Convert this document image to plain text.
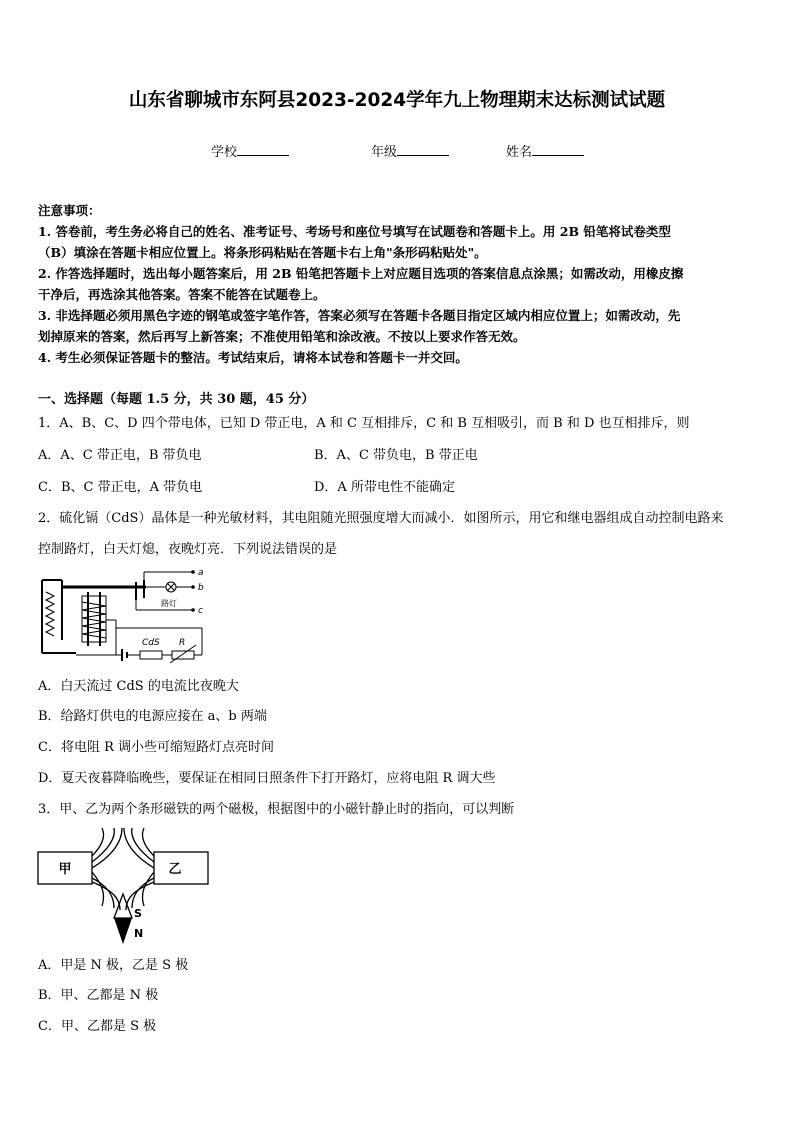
山东省聊城市东阿县2023-2024学年九上物理期末达标测试试题
学校	年级	姓名
注意事项：
1. 答卷前，考生务必将自己的姓名、准考证号、考场号和座位号填写在试题卷和答题卡上。用 2B 铅笔将试卷类型
（B）填涂在答题卡相应位置上。将条形码粘贴在答题卡右上角"条形码粘贴处"。
2. 作答选择题时，选出每小题答案后，用 2B 铅笔把答题卡上对应题目选项的答案信息点涂黑；如需改动，用橡皮擦
干净后，再选涂其他答案。答案不能答在试题卷上。
3. 非选择题必须用黑色字迹的钢笔或签字笔作答，答案必须写在答题卡各题目指定区域内相应位置上；如需改动，先
划掉原来的答案，然后再写上新答案；不准使用铅笔和涂改液。不按以上要求作答无效。
4. 考生必须保证答题卡的整洁。考试结束后，请将本试卷和答题卡一并交回。
一、选择题（每题 1.5 分，共 30 题，45 分）
1．A、B、C、D 四个带电体，已知 D 带正电，A 和 C 互相排斥，C 和 B 互相吸引，而 B 和 D 也互相排斥，则
A．A、C 带正电，B 带负电	B．A、C 带负电，B 带正电
C．B、C 带正电，A 带负电	D．A 所带电性不能确定
2．硫化镉（CdS）晶体是一种光敏材料，其电阻随光照强度增大而减小．如图所示，用它和继电器组成自动控制电路来
控制路灯，白天灯熄，夜晚灯亮．下列说法错误的是
a
b
c
路灯
CdS R
A．白天流过 CdS 的电流比夜晚大
B．给路灯供电的电源应接在 a、b 两端
C．将电阻 R 调小些可缩短路灯点亮时间
D．夏天夜暮降临晚些，要保证在相同日照条件下打开路灯，应将电阻 R 调大些
3．甲、乙为两个条形磁铁的两个磁极，根据图中的小磁针静止时的指向，可以判断
甲	乙
S
N
A．甲是 N 极，乙是 S 极
B．甲、乙都是 N 极
C．甲、乙都是 S 极
